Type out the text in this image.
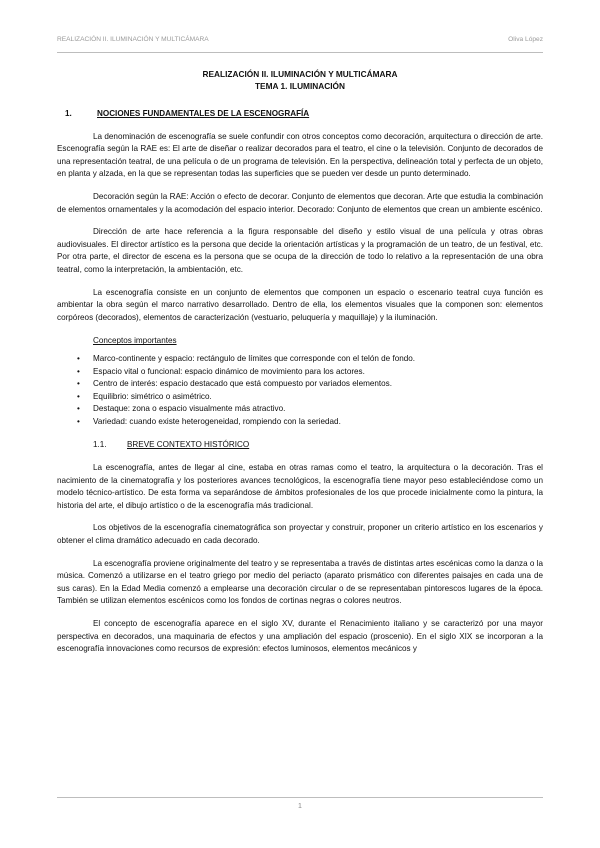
REALIZACIÓN II. ILUMINACIÓN Y MULTICÁMARA	Oliva López
REALIZACIÓN II. ILUMINACIÓN Y MULTICÁMARA
TEMA 1. ILUMINACIÓN
1.	NOCIONES FUNDAMENTALES DE LA ESCENOGRAFÍA

La denominación de escenografía se suele confundir con otros conceptos como decoración, arquitectura o dirección de arte. Escenografía según la RAE es: El arte de diseñar o realizar decorados para el teatro, el cine o la televisión. Conjunto de decorados de una representación teatral, de una película o de un programa de televisión. En la perspectiva, delineación total y perfecta de un objeto, en planta y alzada, en la que se representan todas las superficies que se pueden ver desde un punto determinado.

Decoración según la RAE: Acción o efecto de decorar. Conjunto de elementos que decoran. Arte que estudia la combinación de elementos ornamentales y la acomodación del espacio interior. Decorado: Conjunto de elementos que crean un ambiente escénico.

Dirección de arte hace referencia a la figura responsable del diseño y estilo visual de una película y otras obras audiovisuales. El director artístico es la persona que decide la orientación artísticas y la programación de un teatro, de un festival, etc. Por otra parte, el director de escena es la persona que se ocupa de la dirección de todo lo relativo a la representación de una obra teatral, como la interpretación, la ambientación, etc.

La escenografía consiste en un conjunto de elementos que componen un espacio o escenario teatral cuya función es ambientar la obra según el marco narrativo desarrollado. Dentro de ella, los elementos visuales que la componen son: elementos corpóreos (decorados), elementos de caracterización (vestuario, peluquería y maquillaje) y la iluminación.

Conceptos importantes
• Marco-continente y espacio: rectángulo de límites que corresponde con el telón de fondo.
• Espacio vital o funcional: espacio dinámico de movimiento para los actores.
• Centro de interés: espacio destacado que está compuesto por variados elementos.
• Equilibrio: simétrico o asimétrico.
• Destaque: zona o espacio visualmente más atractivo.
• Variedad: cuando existe heterogeneidad, rompiendo con la seriedad.
1.1.	BREVE CONTEXTO HISTÓRICO

La escenografía, antes de llegar al cine, estaba en otras ramas como el teatro, la arquitectura o la decoración. Tras el nacimiento de la cinematografía y los posteriores avances tecnológicos, la escenografía tiene mayor peso estableciéndose como un modelo técnico-artístico. De esta forma va separándose de ámbitos profesionales de los que procede inicialmente como la pintura, la historia del arte, el dibujo artístico o de la escenografía más tradicional.

Los objetivos de la escenografía cinematográfica son proyectar y construir, proponer un criterio artístico en los escenarios y obtener el clima dramático adecuado en cada decorado.

La escenografía proviene originalmente del teatro y se representaba a través de distintas artes escénicas como la danza o la música. Comenzó a utilizarse en el teatro griego por medio del periacto (aparato prismático con diferentes paisajes en cada una de sus caras). En la Edad Media comenzó a emplearse una decoración circular o de se representaban pintorescos lugares de la época. También se utilizan elementos escénicos como los fondos de cortinas negras o colores neutros.

El concepto de escenografía aparece en el siglo XV, durante el Renacimiento italiano y se caracterizó por una mayor perspectiva en decorados, una maquinaria de efectos y una ampliación del espacio (proscenio). En el siglo XIX se incorporan a la escenografía innovaciones como recursos de expresión: efectos luminosos, elementos mecánicos y

1
